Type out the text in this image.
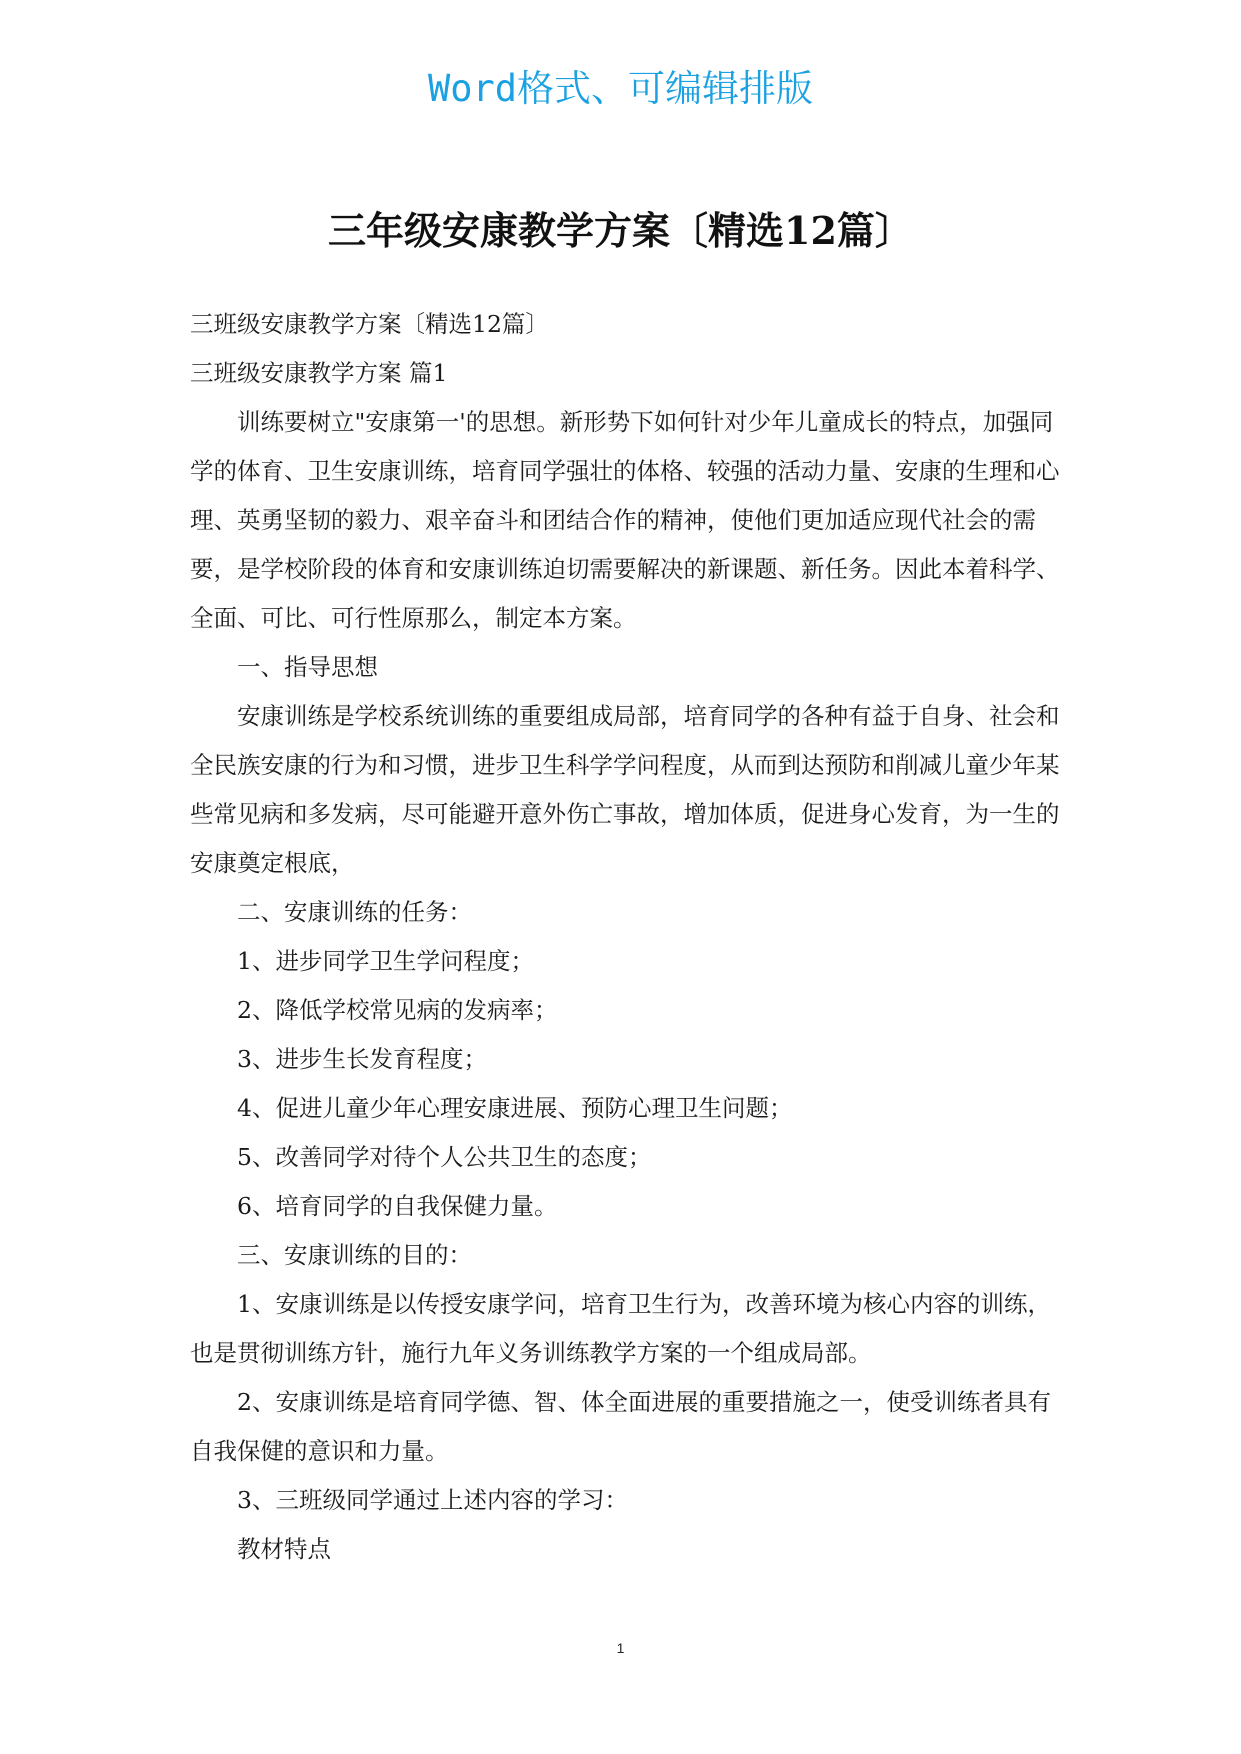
Word格式、可编辑排版
三年级安康教学方案〔精选12篇〕

三班级安康教学方案〔精选12篇〕

三班级安康教学方案 篇1

训练要树立"安康第一'的思想。新形势下如何针对少年儿童成长的特点，加强同学的体育、卫生安康训练，培育同学强壮的体格、较强的活动力量、安康的生理和心理、英勇坚韧的毅力、艰辛奋斗和团结合作的精神，使他们更加适应现代社会的需要，是学校阶段的体育和安康训练迫切需要解决的新课题、新任务。因此本着科学、全面、可比、可行性原那么，制定本方案。

一、指导思想

安康训练是学校系统训练的重要组成局部，培育同学的各种有益于自身、社会和全民族安康的行为和习惯，进步卫生科学学问程度，从而到达预防和削减儿童少年某些常见病和多发病，尽可能避开意外伤亡事故，增加体质，促进身心发育，为一生的安康奠定根底，

二、安康训练的任务：

1、进步同学卫生学问程度；

2、降低学校常见病的发病率；

3、进步生长发育程度；

4、促进儿童少年心理安康进展、预防心理卫生问题；

5、改善同学对待个人公共卫生的态度；

6、培育同学的自我保健力量。

三、安康训练的目的：

1、安康训练是以传授安康学问，培育卫生行为，改善环境为核心内容的训练，也是贯彻训练方针，施行九年义务训练教学方案的一个组成局部。

2、安康训练是培育同学德、智、体全面进展的重要措施之一，使受训练者具有自我保健的意识和力量。

3、三班级同学通过上述内容的学习：

教材特点

1
